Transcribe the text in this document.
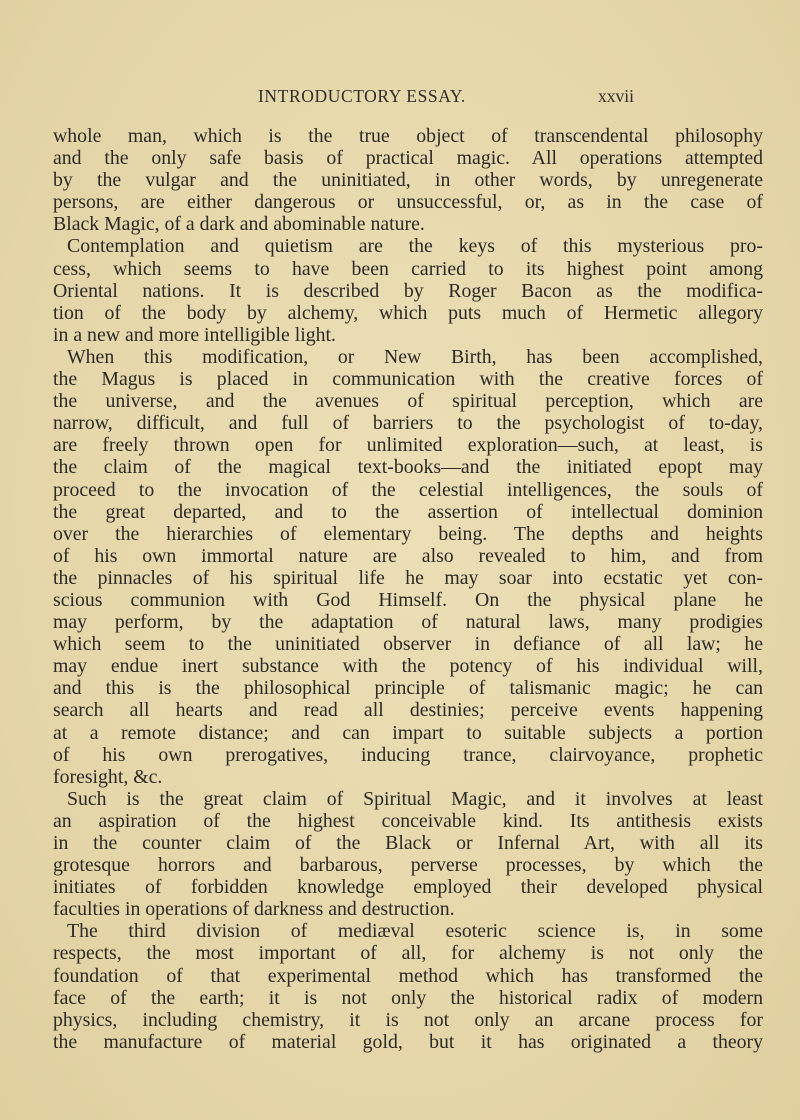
INTRODUCTORY ESSAY.	xxvii
whole man, which is the true object of transcendental philosophy
and the only safe basis of practical magic. All operations attempted
by the vulgar and the uninitiated, in other words, by unregenerate
persons, are either dangerous or unsuccessful, or, as in the case of
Black Magic, of a dark and abominable nature.
Contemplation and quietism are the keys of this mysterious pro-
cess, which seems to have been carried to its highest point among
Oriental nations. It is described by Roger Bacon as the modifica-
tion of the body by alchemy, which puts much of Hermetic allegory
in a new and more intelligible light.
When this modification, or New Birth, has been accomplished,
the Magus is placed in communication with the creative forces of
the universe, and the avenues of spiritual perception, which are
narrow, difficult, and full of barriers to the psychologist of to-day,
are freely thrown open for unlimited exploration—such, at least, is
the claim of the magical text-books—and the initiated epopt may
proceed to the invocation of the celestial intelligences, the souls of
the great departed, and to the assertion of intellectual dominion
over the hierarchies of elementary being. The depths and heights
of his own immortal nature are also revealed to him, and from
the pinnacles of his spiritual life he may soar into ecstatic yet con-
scious communion with God Himself. On the physical plane he
may perform, by the adaptation of natural laws, many prodigies
which seem to the uninitiated observer in defiance of all law; he
may endue inert substance with the potency of his individual will,
and this is the philosophical principle of talismanic magic; he can
search all hearts and read all destinies; perceive events happening
at a remote distance; and can impart to suitable subjects a portion
of his own prerogatives, inducing trance, clairvoyance, prophetic
foresight, &c.
Such is the great claim of Spiritual Magic, and it involves at least
an aspiration of the highest conceivable kind. Its antithesis exists
in the counter claim of the Black or Infernal Art, with all its
grotesque horrors and barbarous, perverse processes, by which the
initiates of forbidden knowledge employed their developed physical
faculties in operations of darkness and destruction.
The third division of mediæval esoteric science is, in some
respects, the most important of all, for alchemy is not only the
foundation of that experimental method which has transformed the
face of the earth; it is not only the historical radix of modern
physics, including chemistry, it is not only an arcane process for
the manufacture of material gold, but it has originated a theory
